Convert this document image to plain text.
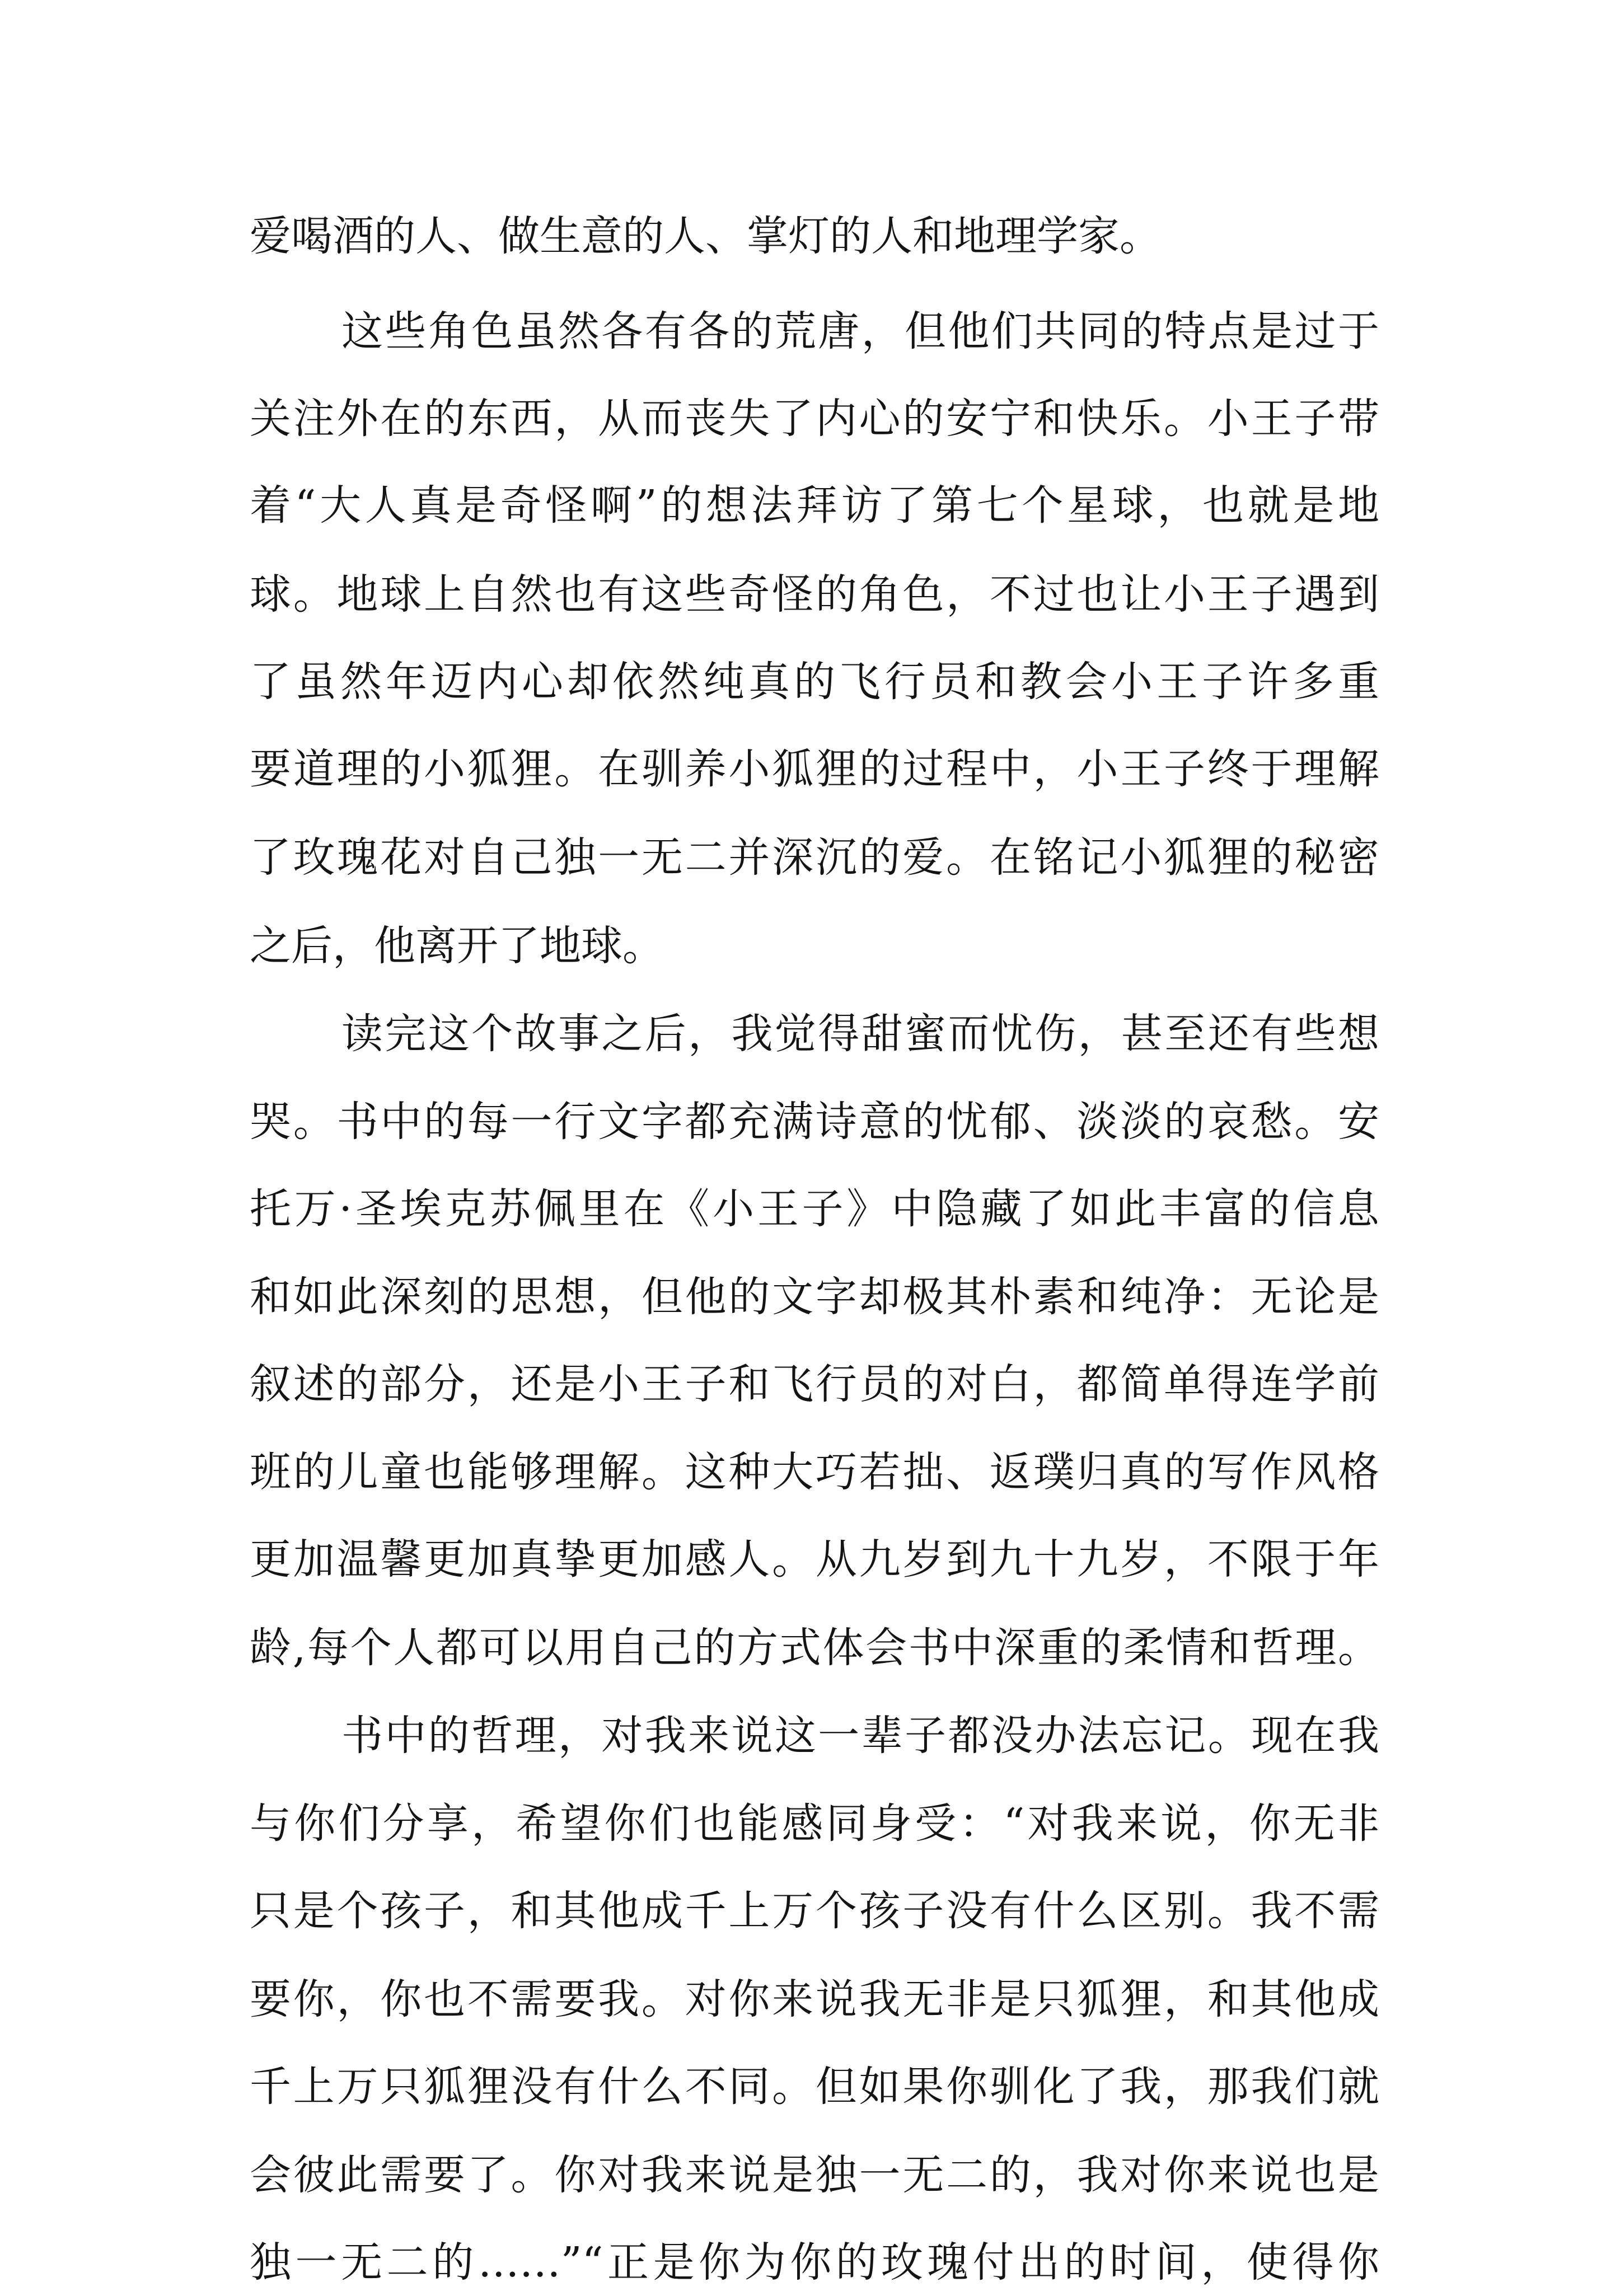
爱喝酒的人、做生意的人、掌灯的人和地理学家。

这些角色虽然各有各的荒唐，但他们共同的特点是过于

关注外在的东西，从而丧失了内心的安宁和快乐。小王子带

着“大人真是奇怪啊”的想法拜访了第七个星球，也就是地

球。地球上自然也有这些奇怪的角色，不过也让小王子遇到

了虽然年迈内心却依然纯真的飞行员和教会小王子许多重

要道理的小狐狸。在驯养小狐狸的过程中，小王子终于理解

了玫瑰花对自己独一无二并深沉的爱。在铭记小狐狸的秘密

之后，他离开了地球。

读完这个故事之后，我觉得甜蜜而忧伤，甚至还有些想

哭。书中的每一行文字都充满诗意的忧郁、淡淡的哀愁。安

托万·圣埃克苏佩里在《小王子》中隐藏了如此丰富的信息

和如此深刻的思想，但他的文字却极其朴素和纯净：无论是

叙述的部分，还是小王子和飞行员的对白，都简单得连学前

班的儿童也能够理解。这种大巧若拙、返璞归真的写作风格

更加温馨更加真挚更加感人。从九岁到九十九岁，不限于年

龄,每个人都可以用自己的方式体会书中深重的柔情和哲理。

书中的哲理，对我来说这一辈子都没办法忘记。现在我

与你们分享，希望你们也能感同身受：“对我来说，你无非

只是个孩子，和其他成千上万个孩子没有什么区别。我不需

要你，你也不需要我。对你来说我无非是只狐狸，和其他成

千上万只狐狸没有什么不同。但如果你驯化了我，那我们就

会彼此需要了。你对我来说是独一无二的，我对你来说也是

独一无二的……”“正是你为你的玫瑰付出的时间，使得你
